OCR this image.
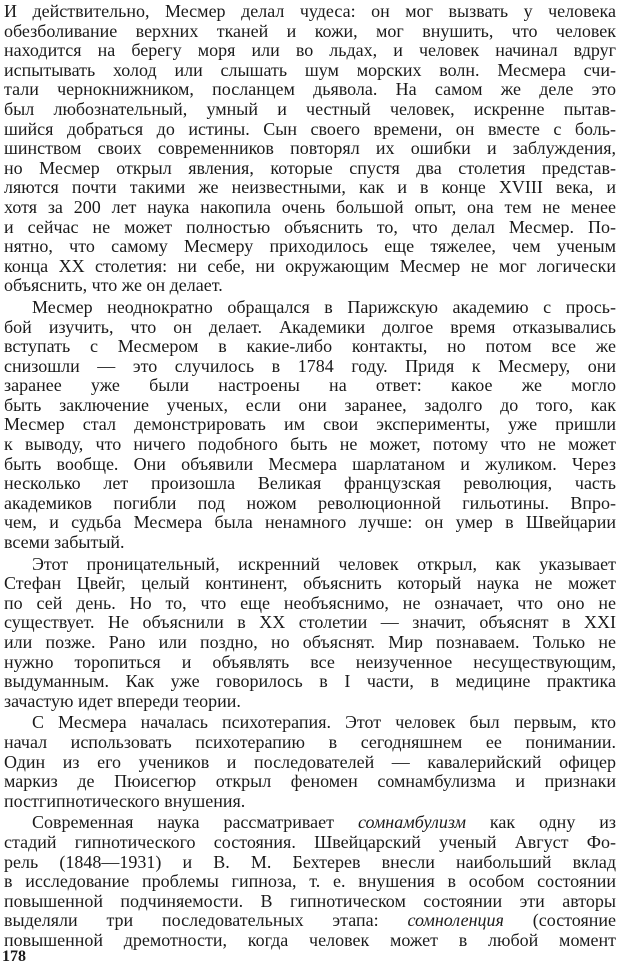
И действительно, Месмер делал чудеса: он мог вызвать у человека
обезболивание верхних тканей и кожи, мог внушить, что человек
находится на берегу моря или во льдах, и человек начинал вдруг
испытывать холод или слышать шум морских волн. Месмера счи-
тали чернокнижником, посланцем дьявола. На самом же деле это
был любознательный, умный и честный человек, искренне пытав-
шийся добраться до истины. Сын своего времени, он вместе с боль-
шинством своих современников повторял их ошибки и заблуждения,
но Месмер открыл явления, которые спустя два столетия представ-
ляются почти такими же неизвестными, как и в конце XVIII века, и
хотя за 200 лет наука накопила очень большой опыт, она тем не менее
и сейчас не может полностью объяснить то, что делал Месмер. По-
нятно, что самому Месмеру приходилось еще тяжелее, чем ученым
конца XX столетия: ни себе, ни окружающим Месмер не мог логически
объяснить, что же он делает.
Месмер неоднократно обращался в Парижскую академию с прось-
бой изучить, что он делает. Академики долгое время отказывались
вступать с Месмером в какие-либо контакты, но потом все же
снизошли — это случилось в 1784 году. Придя к Месмеру, они
заранее уже были настроены на ответ: какое же могло
быть заключение ученых, если они заранее, задолго до того, как
Месмер стал демонстрировать им свои эксперименты, уже пришли
к выводу, что ничего подобного быть не может, потому что не может
быть вообще. Они объявили Месмера шарлатаном и жуликом. Через
несколько лет произошла Великая французская революция, часть
академиков погибли под ножом революционной гильотины. Впро-
чем, и судьба Месмера была ненамного лучше: он умер в Швейцарии
всеми забытый.
Этот проницательный, искренний человек открыл, как указывает
Стефан Цвейг, целый континент, объяснить который наука не может
по сей день. Но то, что еще необъяснимо, не означает, что оно не
существует. Не объяснили в XX столетии — значит, объяснят в XXI
или позже. Рано или поздно, но объяснят. Мир познаваем. Только не
нужно торопиться и объявлять все неизученное несуществующим,
выдуманным. Как уже говорилось в I части, в медицине практика
зачастую идет впереди теории.
С Месмера началась психотерапия. Этот человек был первым, кто
начал использовать психотерапию в сегодняшнем ее понимании.
Один из его учеников и последователей — кавалерийский офицер
маркиз де Пюисегюр открыл феномен сомнамбулизма и признаки
постгипнотического внушения.
Современная наука рассматривает сомнамбулизм как одну из
стадий гипнотического состояния. Швейцарский ученый Август Фо-
рель (1848—1931) и В. М. Бехтерев внесли наибольший вклад
в исследование проблемы гипноза, т. е. внушения в особом состоянии
повышенной подчиняемости. В гипнотическом состоянии эти авторы
выделяли три последовательных этапа: сомноленция (состояние
повышенной дремотности, когда человек может в любой момент
178
